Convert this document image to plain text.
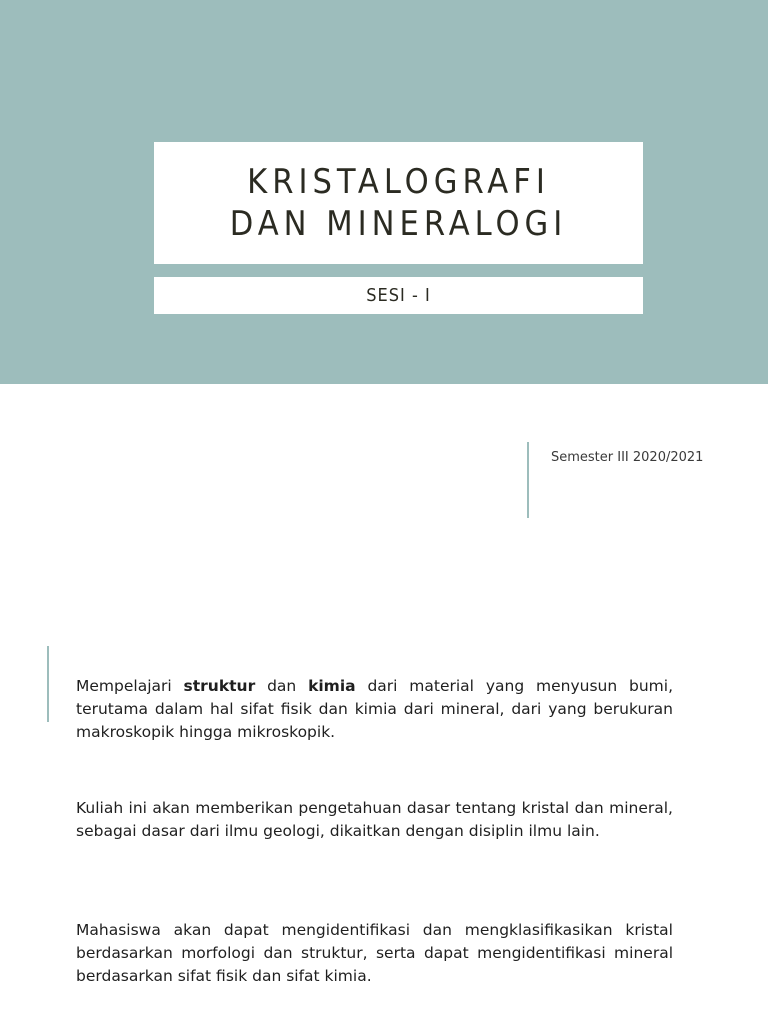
KRISTALOGRAFI DAN MINERALOGI
SESI - I
Semester III 2020/2021
Mempelajari struktur dan kimia dari material yang menyusun bumi, terutama dalam hal sifat fisik dan kimia dari mineral, dari yang berukuran makroskopik hingga mikroskopik.
Kuliah ini akan memberikan pengetahuan dasar tentang kristal dan mineral, sebagai dasar dari ilmu geologi, dikaitkan dengan disiplin ilmu lain.
Mahasiswa akan dapat mengidentifikasi dan mengklasifikasikan kristal berdasarkan morfologi dan struktur, serta dapat mengidentifikasi mineral berdasarkan sifat fisik dan sifat kimia.
